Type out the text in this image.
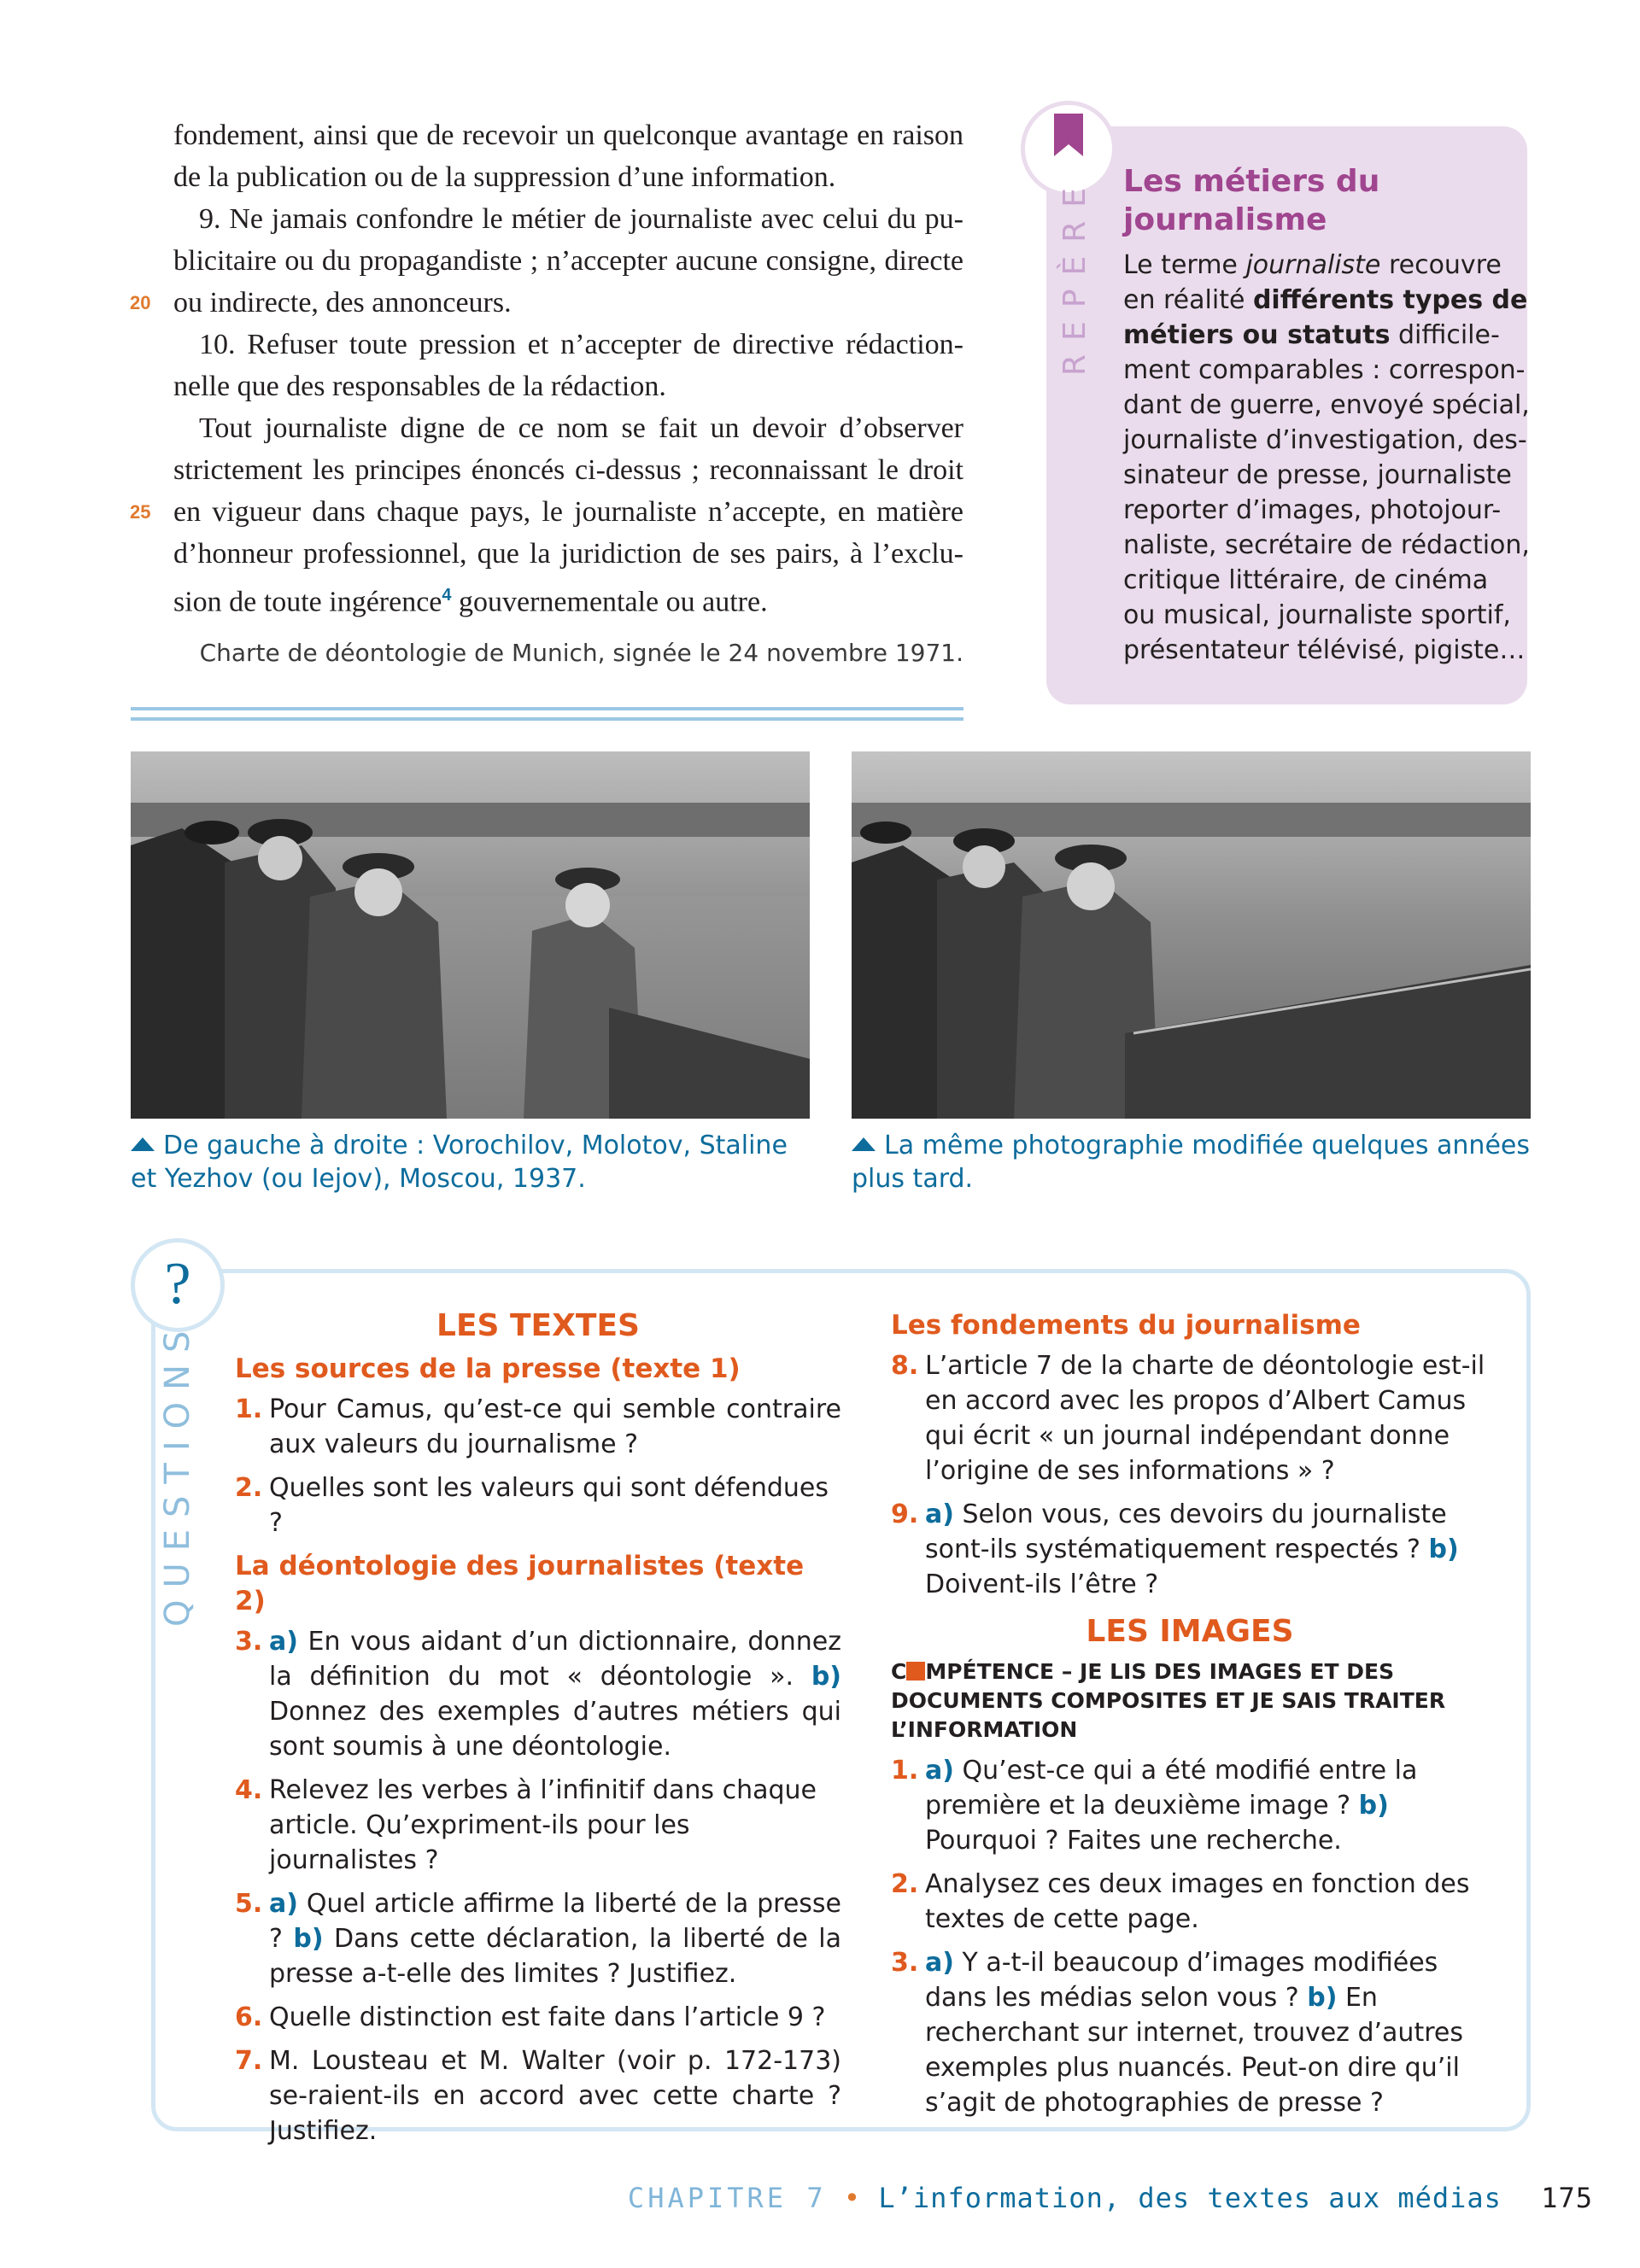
fondement, ainsi que de recevoir un quelconque avantage en raison
de la publication ou de la suppression d’une information.
9. Ne jamais confondre le métier de journaliste avec celui du pu-
blicitaire ou du propagandiste ; n’accepter aucune consigne, directe
20 ou indirecte, des annonceurs.
10. Refuser toute pression et n’accepter de directive rédaction-
nelle que des responsables de la rédaction.
Tout journaliste digne de ce nom se fait un devoir d’observer
strictement les principes énoncés ci-dessus ; reconnaissant le droit
25 en vigueur dans chaque pays, le journaliste n’accepte, en matière
d’honneur professionnel, que la juridiction de ses pairs, à l’exclu-
sion de toute ingérence$^4$ gouvernementale ou autre.
Charte de déontologie de Munich, signée le 24 novembre 1971.
REPÈRE Les métiers du journalisme
Le terme journaliste recouvre
en réalité différents types de
métiers ou statuts difficile-
ment comparables : correspon-
dant de guerre, envoyé spécial,
journaliste d’investigation, des-
sinateur de presse, journaliste
reporter d’images, photojour-
naliste, secrétaire de rédaction,
critique littéraire, de cinéma
ou musical, journaliste sportif,
présentateur télévisé, pigiste…
De gauche à droite : Vorochilov, Molotov, Staline et Yezhov (ou Iejov), Moscou, 1937.
La même photographie modifiée quelques années plus tard.
?
QUESTIONS	LES TEXTES
Les sources de la presse (texte 1)
1. Pour Camus, qu’est-ce qui semble contraire aux valeurs du journalisme ?
2. Quelles sont les valeurs qui sont défendues ?
La déontologie des journalistes (texte 2)
3. a) En vous aidant d’un dictionnaire, donnez la définition du mot « déontologie ». b) Donnez des exemples d’autres métiers qui sont soumis à une déontologie.
4. Relevez les verbes à l’infinitif dans chaque article. Qu’expriment-ils pour les journalistes ?
5. a) Quel article affirme la liberté de la presse ? b) Dans cette déclaration, la liberté de la presse a-t-elle des limites ? Justifiez.
6. Quelle distinction est faite dans l’article 9 ?
7. M. Lousteau et M. Walter (voir p. 172-173) se-raient-ils en accord avec cette charte ? Justifiez.
Les fondements du journalisme
8. L’article 7 de la charte de déontologie est-il en accord avec les propos d’Albert Camus qui écrit « un journal indépendant donne l’origine de ses informations » ?
9. a) Selon vous, ces devoirs du journaliste sont-ils systématiquement respectés ? b) Doivent-ils l’être ?
LES IMAGES
C MPÉTENCE – JE LIS DES IMAGES ET DES DOCUMENTS COMPOSITES ET JE SAIS TRAITER L’INFORMATION
1. a) Qu’est-ce qui a été modifié entre la première et la deuxième image ? b) Pourquoi ? Faites une recherche.
2. Analysez ces deux images en fonction des textes de cette page.
3. a) Y a-t-il beaucoup d’images modifiées dans les médias selon vous ? b) En recherchant sur internet, trouvez d’autres exemples plus nuancés. Peut-on dire qu’il s’agit de photographies de presse ?
CHAPITRE 7 • L’information, des textes aux médias 175
